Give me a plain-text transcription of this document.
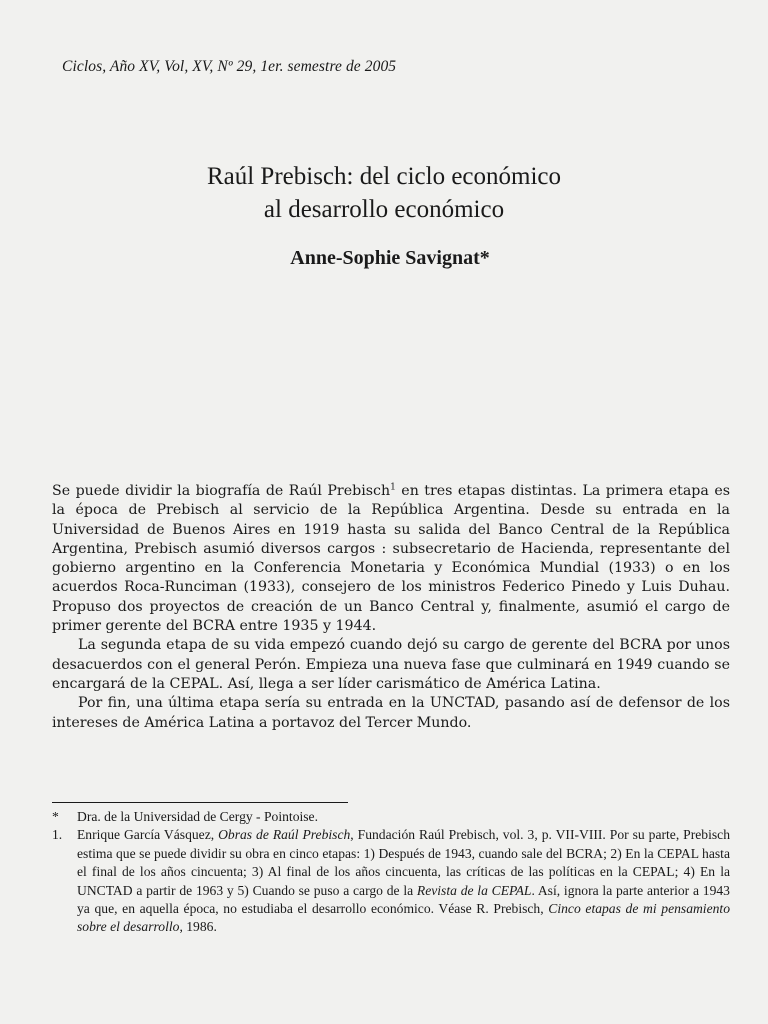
Ciclos, Año XV, Vol, XV, Nº 29, 1er. semestre de 2005
Raúl Prebisch: del ciclo económico
al desarrollo económico
Anne-Sophie Savignat*

Se puede dividir la biografía de Raúl Prebisch$^1$ en tres etapas distintas. La primera etapa es la época de Prebisch al servicio de la República Argentina. Desde su entrada en la Universidad de Buenos Aires en 1919 hasta su salida del Banco Central de la República Argentina, Prebisch asumió diversos cargos : subsecretario de Hacienda, representante del gobierno argentino en la Conferencia Monetaria y Económica Mundial (1933) o en los acuerdos Roca-Runciman (1933), consejero de los ministros Federico Pinedo y Luis Duhau. Propuso dos proyectos de creación de un Banco Central y, finalmente, asumió el cargo de primer gerente del BCRA entre 1935 y 1944.

La segunda etapa de su vida empezó cuando dejó su cargo de gerente del BCRA por unos desacuerdos con el general Perón. Empieza una nueva fase que culminará en 1949 cuando se encargará de la CEPAL. Así, llega a ser líder carismático de América Latina.

Por fin, una última etapa sería su entrada en la UNCTAD, pasando así de defensor de los intereses de América Latina a portavoz del Tercer Mundo.

*	Dra. de la Universidad de Cergy - Pointoise.
1.	Enrique García Vásquez, Obras de Raúl Prebisch, Fundación Raúl Prebisch, vol. 3, p. VII-VIII. Por su parte, Prebisch estima que se puede dividir su obra en cinco etapas: 1) Después de 1943, cuando sale del BCRA; 2) En la CEPAL hasta el final de los años cincuenta; 3) Al final de los años cincuenta, las críticas de las políticas en la CEPAL; 4) En la UNCTAD a partir de 1963 y 5) Cuando se puso a cargo de la Revista de la CEPAL. Así, ignora la parte anterior a 1943 ya que, en aquella época, no estudiaba el desarrollo económico. Véase R. Prebisch, Cinco etapas de mi pensamiento sobre el desarrollo, 1986.
